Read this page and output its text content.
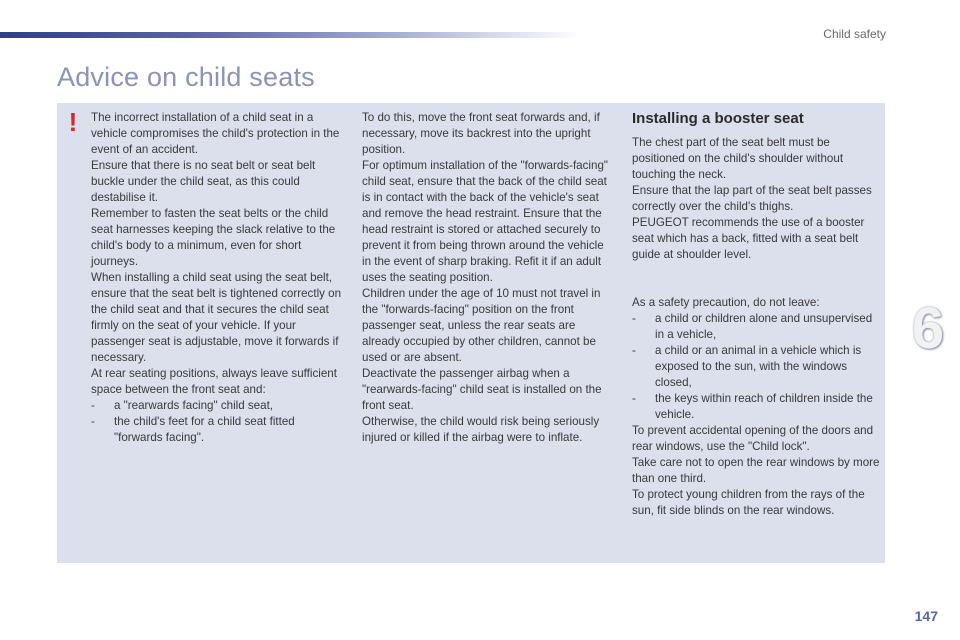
Child safety
Advice on child seats
! The incorrect installation of a child seat in a vehicle compromises the child's protection in the event of an accident.

Ensure that there is no seat belt or seat belt buckle under the child seat, as this could destabilise it.

Remember to fasten the seat belts or the child seat harnesses keeping the slack relative to the child's body to a minimum, even for short journeys.

When installing a child seat using the seat belt, ensure that the seat belt is tightened correctly on the child seat and that it secures the child seat firmly on the seat of your vehicle. If your passenger seat is adjustable, move it forwards if necessary.

At rear seating positions, always leave sufficient space between the front seat and:

- a "rearwards facing" child seat,
- the child's feet for a child seat fitted "forwards facing".

To do this, move the front seat forwards and, if necessary, move its backrest into the upright position.

For optimum installation of the "forwards-facing" child seat, ensure that the back of the child seat is in contact with the back of the vehicle's seat and remove the head restraint. Ensure that the head restraint is stored or attached securely to prevent it from being thrown around the vehicle in the event of sharp braking. Refit it if an adult uses the seating position.

Children under the age of 10 must not travel in the "forwards-facing" position on the front passenger seat, unless the rear seats are already occupied by other children, cannot be used or are absent.

Deactivate the passenger airbag when a "rearwards-facing" child seat is installed on the front seat.

Otherwise, the child would risk being seriously injured or killed if the airbag were to inflate.

Installing a booster seat

The chest part of the seat belt must be positioned on the child's shoulder without touching the neck.

Ensure that the lap part of the seat belt passes correctly over the child's thighs.

PEUGEOT recommends the use of a booster seat which has a back, fitted with a seat belt guide at shoulder level.

As a safety precaution, do not leave:

- a child or children alone and unsupervised in a vehicle,
- a child or an animal in a vehicle which is exposed to the sun, with the windows closed,
- the keys within reach of children inside the vehicle.

To prevent accidental opening of the doors and rear windows, use the "Child lock".

Take care not to open the rear windows by more than one third.

To protect young children from the rays of the sun, fit side blinds on the rear windows.

6
147
